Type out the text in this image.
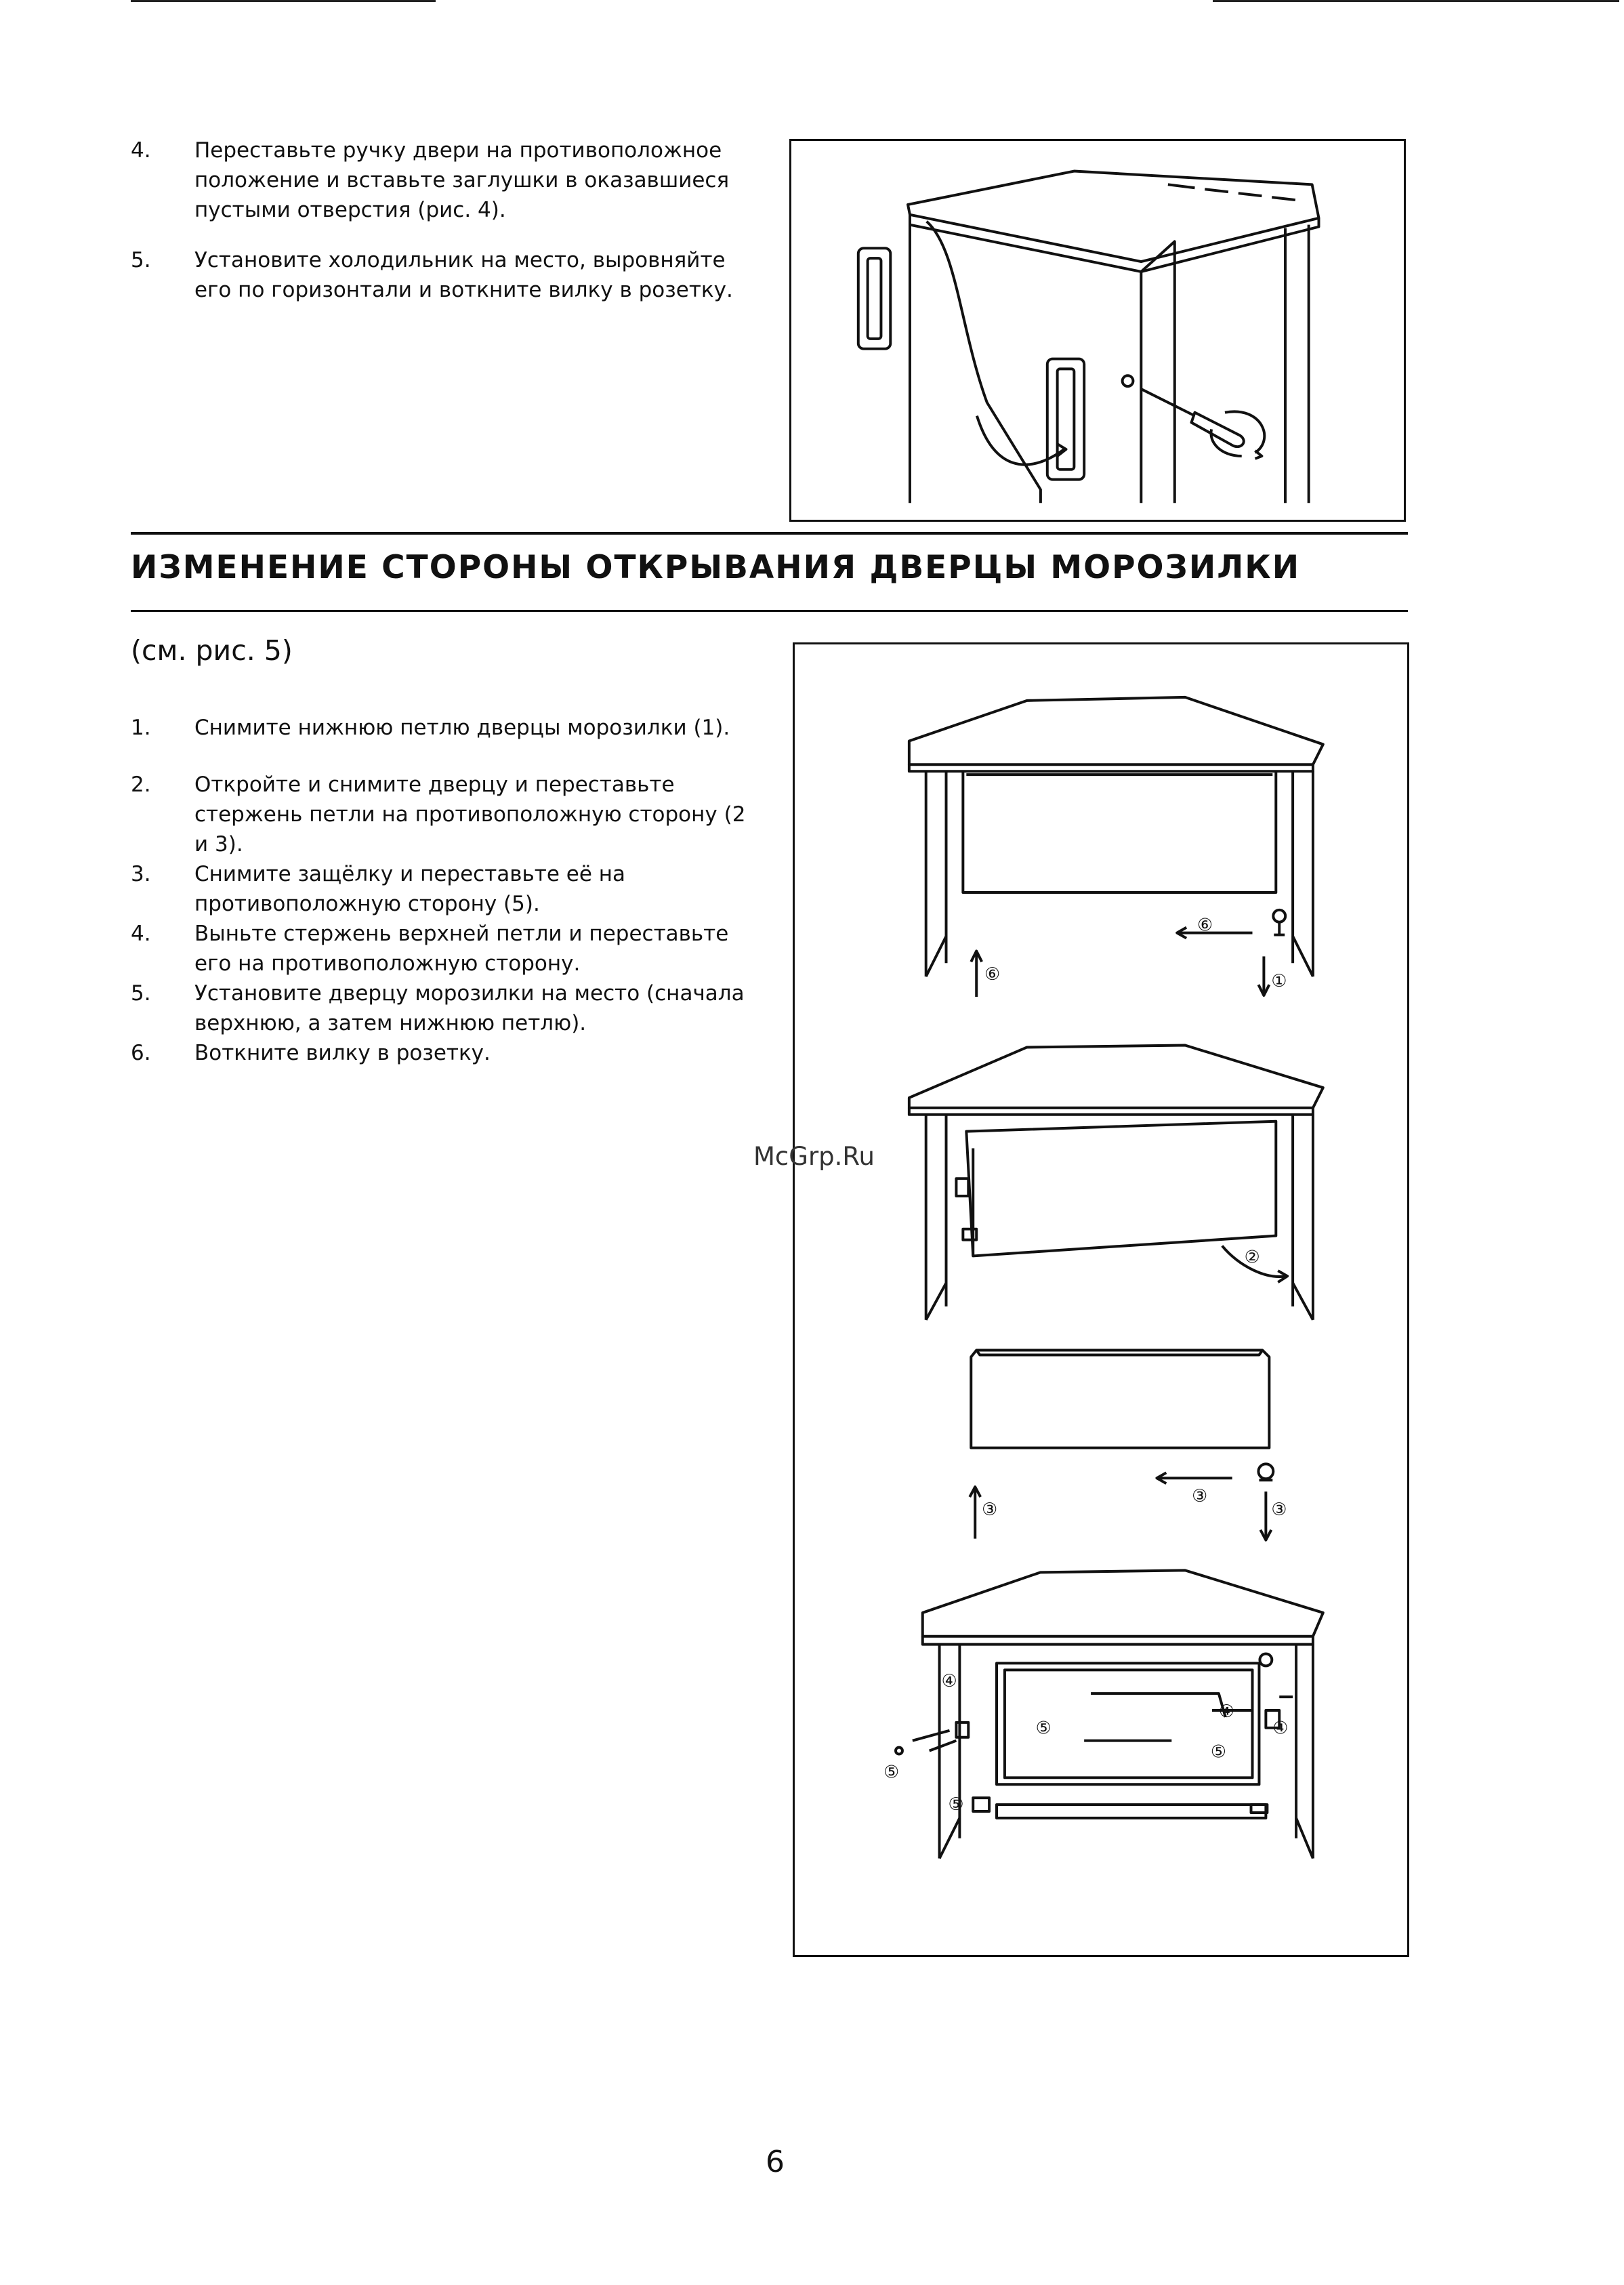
4. Переставьте ручку двери на противоположное положение и вставьте заглушки в оказавшиеся пустыми отверстия (рис. 4).
5. Установите холодильник на место, выровняйте его по горизонтали и воткните вилку в розетку.
ИЗМЕНЕНИЕ СТОРОНЫ ОТКРЫВАНИЯ ДВЕРЦЫ МОРОЗИЛКИ
(см. рис. 5)
1. Снимите нижнюю петлю дверцы морозилки (1).
2. Откройте и снимите дверцу и переставьте стержень петли на противоположную сторону (2 и 3).
3. Снимите защёлку и переставьте её на противоположную сторону (5).
4. Выньте стержень верхней петли и переставьте его на противоположную сторону.
5. Установите дверцу морозилки на место (сначала верхнюю, а затем нижнюю петлю).
6. Воткните вилку в розетку.
⑥
⑥	①
②
③
③	③
④
④
④
⑤
⑤
⑤
⑤
McGrp.Ru
6
